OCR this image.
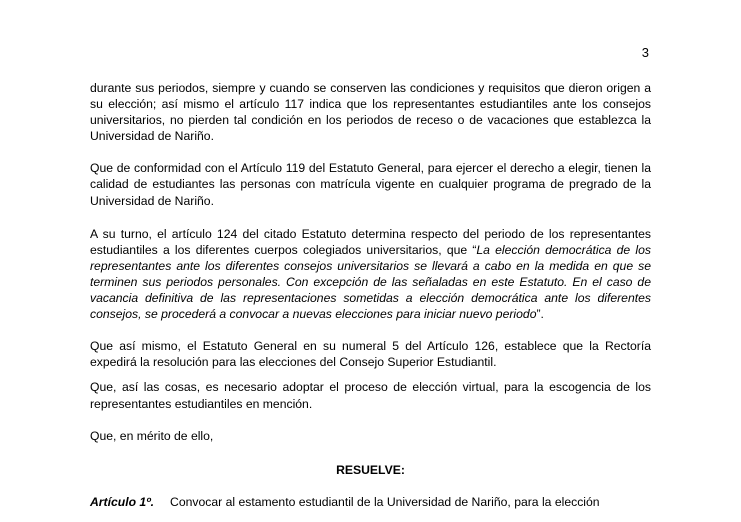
3

durante sus periodos, siempre y cuando se conserven las condiciones y requisitos que dieron origen a su elección; así mismo el artículo 117 indica que los representantes estudiantiles ante los consejos universitarios, no pierden tal condición en los periodos de receso o de vacaciones que establezca la Universidad de Nariño.

Que de conformidad con el Artículo 119 del Estatuto General, para ejercer el derecho a elegir, tienen la calidad de estudiantes las personas con matrícula vigente en cualquier programa de pregrado de la Universidad de Nariño.

A su turno, el artículo 124 del citado Estatuto determina respecto del periodo de los representantes estudiantiles a los diferentes cuerpos colegiados universitarios, que “La elección democrática de los representantes ante los diferentes consejos universitarios se llevará a cabo en la medida en que se terminen sus periodos personales. Con excepción de las señaladas en este Estatuto. En el caso de vacancia definitiva de las representaciones sometidas a elección democrática ante los diferentes consejos, se procederá a convocar a nuevas elecciones para iniciar nuevo periodo”.

Que así mismo, el Estatuto General en su numeral 5 del Artículo 126, establece que la Rectoría expedirá la resolución para las elecciones del Consejo Superior Estudiantil.

Que, así las cosas, es necesario adoptar el proceso de elección virtual, para la escogencia de los representantes estudiantiles en mención.

Que, en mérito de ello,

RESUELVE:

Artículo 1º. Convocar al estamento estudiantil de la Universidad de Nariño, para la elección
